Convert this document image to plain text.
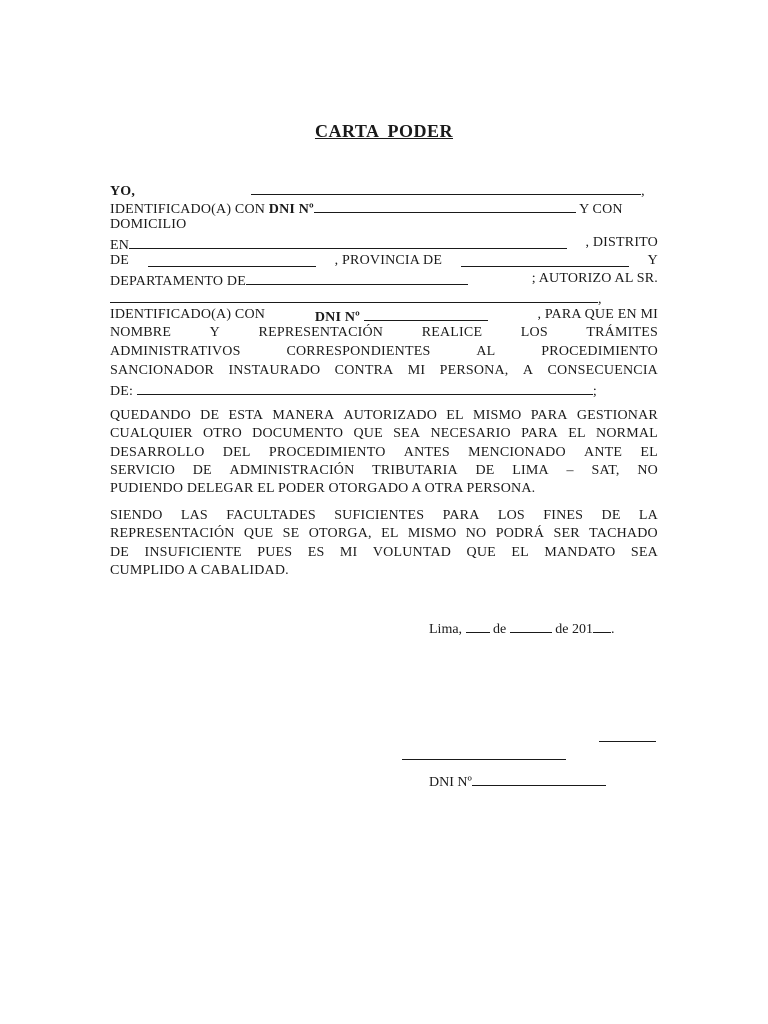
CARTA PODER
YO,	,
IDENTIFICADO(A) CON DNI Nº	Y CON
DOMICILIO
EN	, DISTRITO
DE	, PROVINCIA DE	Y
DEPARTAMENTO DE	; AUTORIZO AL SR.
,
IDENTIFICADO(A) CON	DNI Nº	, PARA QUE EN MI
NOMBRE	Y	REPRESENTACIÓN	REALICE	LOS	TRÁMITES
ADMINISTRATIVOS	CORRESPONDIENTES	AL	PROCEDIMIENTO
SANCIONADOR INSTAURADO CONTRA MI PERSONA, A CONSECUENCIA
DE:	;
QUEDANDO DE ESTA MANERA AUTORIZADO EL MISMO PARA GESTIONAR
CUALQUIER OTRO DOCUMENTO QUE SEA NECESARIO PARA EL NORMAL
DESARROLLO DEL PROCEDIMIENTO ANTES MENCIONADO ANTE EL
SERVICIO DE ADMINISTRACIÓN TRIBUTARIA DE LIMA – SAT, NO
PUDIENDO DELEGAR EL PODER OTORGADO A OTRA PERSONA.
SIENDO LAS FACULTADES SUFICIENTES PARA LOS FINES DE LA
REPRESENTACIÓN QUE SE OTORGA, EL MISMO NO PODRÁ SER TACHADO
DE INSUFICIENTE PUES ES MI VOLUNTAD QUE EL MANDATO SEA
CUMPLIDO A CABALIDAD.
Lima, de	de 201 .
DNI Nº
